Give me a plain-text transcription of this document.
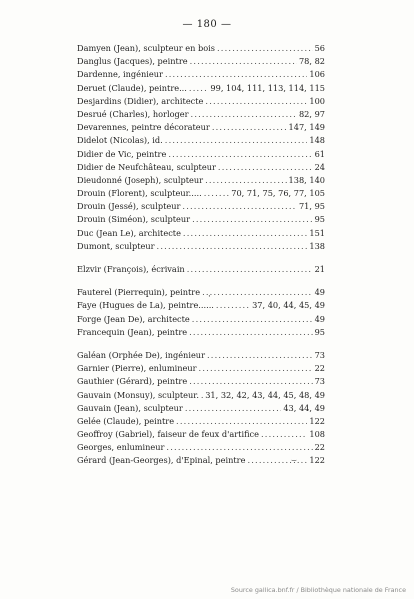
— 180 —
Damyen (Jean), sculpteur en bois .....	56
Danglus (Jacques), peintre .....	78, 82
Dardenne, ingénieur .....	106
Deruet (Claude), peintre... .....	99, 104, 111, 113, 114, 115
Desjardins (Didier), architecte .....	100
Desrué (Charles), horloger .....	82, 97
Devarennes, peintre décorateur .....	147, 149
Didelot (Nicolas), id. .....	148
Didier de Vic, peintre .....	61
Didier de Neufchâteau, sculpteur .....	24
Dieudonné (Joseph), sculpteur .....	138, 140
Drouin (Florent), sculpteur..... .....	70, 71, 75, 76, 77, 105
Drouin (Jessé), sculpteur .....	71, 95
Drouin (Siméon), sculpteur .....	95
Duc (Jean Le), architecte .....	151
Dumont, sculpteur .....	138
Elzvir (François), écrivain .....	21
Fauterel (Pierrequin), peintre .....	49
Faye (Hugues de La), peintre...... .....	37, 40, 44, 45, 49
Forge (Jean De), architecte .....	49
Francequin (Jean), peintre .....	95
Galéan (Orphée De), ingénieur .....	73
Garnier (Pierre), enlumineur .....	22
Gauthier (Gérard), peintre .....	73
Gauvain (Monsuy), sculpteur. ..... 31, 32, 42, 43, 44, 45, 48, 49
Gauvain (Jean), sculpteur .....	43, 44, 49
Gelée (Claude), peintre .....	122
Geoffroy (Gabriel), faiseur de feux d'artifice .....	108
Georges, enlumineur .....	22
Gérard (Jean-Georges), d'Epinal, peintre .....	122
·
⌣
Source gallica.bnf.fr / Bibliothèque nationale de France
